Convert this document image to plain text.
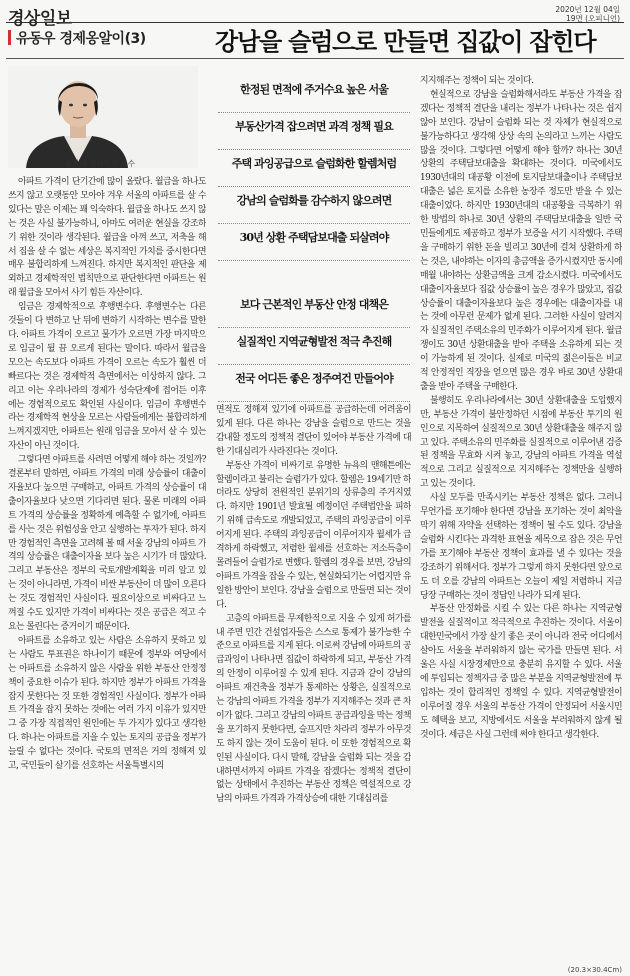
경상일보	2020년 12월 04일
19면 (오피니언)
유동우 경제옹알이(3)	강남을 슬럼으로 만들면 집값이 잡힌다
울산대 경제학과 교수

아파트 가격이 단기간에 많이 올랐다. 월급을 하나도 쓰지 않고 오랫동안 모아야 겨우 서울의 아파트를 살 수 있다는 말은 이제는 꽤 익숙하다. 월급을 하나도 쓰지 않는 것은 사실 불가능하니, 아마도 여러운 현실을 강조하기 위한 것이라 생각된다. 월급을 아껴 쓰고, 저축을 해서 집을 살 수 없는 세상은 복지적인 가치를 중시한다면 매우 불합리하게 느껴진다. 하지만 복지적인 판단을 제외하고 경제학적인 법칙만으로 판단한다면 아파트는 원래 월급을 모아서 사기 힘든 자산이다.

임금은 경제학적으로 후행변수다. 후행변수는 다른 것들이 다 변하고 난 뒤에 변하기 시작하는 변수를 말한다. 아파트 가격이 오르고 물가가 오르면 가장 마지막으로 임금이 뒬 끔 오르게 된다는 말이다. 따라서 월급을 모으는 속도보다 아파트 가격이 오르는 속도가 훨씬 더 빠르다는 것은 경제학적 측면에서는 이상하지 않다. 그리고 이는 우리나라의 경제가 성숙단계에 접어든 이후에는 경험적으로도 확인된 사실이다. 임금이 후행변수라는 경제학적 현상을 모르는 사람들에게는 불합리하게 느껴지겠지만, 아파트는 원래 임금을 모아서 살 수 있는 자산이 아닌 것이다.

그렇다면 아파트를 사려면 어떻게 해야 하는 것일까? 결론부터 말하면, 아파트 가격의 미래 상승률이 대출이자율보다 높으면 구매하고, 아파트 가격의 상승률이 대출이자율보다 낮으면 기다리면 된다. 물론 미래의 아파트 가격의 상승률을 정확하게 예측할 수 없기에, 아파트를 사는 것은 위험성을 안고 실행하는 투자가 된다. 하지만 경험적인 측면을 고려해 볼 때 서울 강남의 아파트 가격의 상승률은 대출이자율 보다 높은 시기가 더 많았다. 그리고 부동산은 정부의 국토개발계획을 미리 알고 있는 것이 아니라면, 가격이 비싼 부동산이 더 많이 오른다는 것도 경험적인 사실이다. 필요이상으로 비싸다고 느껴질 수도 있지만 가격이 비싸다는 것은 공급은 적고 수요는 몰린다는 증거이기 때문이다.

아파트를 소유하고 있는 사람은 소유하지 못하고 있는 사람도 투표권은 하나이기 때문에 정부와 여당에서는 아파트를 소유하지 않은 사람을 위한 부동산 안정정책이 중요한 이슈가 된다. 하지만 정부가 아파트 가격을 잡지 못한다는 것 또한 경험적인 사실이다. 정부가 아파트 가격을 잡지 못하는 것에는 여러 가지 이유가 있지만 그 중 가장 직접적인 원인에는 두 가지가 있다고 생각한다. 하나는 아파트를 지을 수 있는 토지의 공급을 정부가 늘릴 수 없다는 것이다. 국토의 면적은 거의 정해져 있고, 국민들이 살기를 선호하는 서울특별시의

한정된 면적에 주거수요 높은 서울
부동산가격 잡으려면 과격 정책 필요
주택 과잉공급으로 슬럼화한 할렘처럼
강남의 슬럼화를 감수하지 않으려면
30년 상환 주택담보대출 되살려야
보다 근본적인 부동산 안정 대책은
실질적인 지역균형발전 적극 추진해
전국 어디든 좋은 정주여건 만들어야

면적도 정해져 있기에 아파트를 공급하는데 어려움이 있게 된다. 다른 하나는 강남을 슬럼으로 만드는 것을 감내할 정도의 정책적 결단이 있어야 부동산 가격에 대한 기대심리가 사라진다는 것이다.

부동산 가격이 비싸기로 유명한 뉴욕의 맨해튼에는 할렘이라고 불리는 슬럼가가 있다. 할렘은 19세기만 하더라도 상당히 전원적인 분위기의 상류층의 주거지였다. 하지만 1901년 발효될 예정이던 주택법안을 피하기 위해 급속도로 개발되었고, 주택의 과잉공급이 이루어지게 된다. 주택의 과잉공급이 이루어지자 월세가 급격하게 하락했고, 저렴한 월세를 선호하는 저소득층이 몰려들어 슬럼가로 변했다. 할렘의 경우를 보면, 강남의 아파트 가격을 잡을 수 있는, 현실화되기는 어렵지만 유일한 방안이 보인다. 강남을 슬럼으로 만들면 되는 것이다.

고층의 아파트를 무제한적으로 지을 수 있게 허가를 내 주면 민간 건설업자들은 스스로 통제가 불가능한 수준으로 아파트를 지게 된다. 이로써 강남에 아파트의 공급과잉이 나타나면 집값이 하락하게 되고, 부동산 가격의 안정이 이루어질 수 있게 된다. 지금과 같이 강남의 아파트 재건축을 정부가 통제하는 상황은, 실질적으로는 강남의 아파트 가격을 정부가 지지해주는 것과 큰 차이가 없다. 그리고 강남의 아파트 공급과잉을 막는 정책을 포기하지 못한다면, 슬프지만 차라리 정부가 아무것도 하지 않는 것이 도움이 된다. 이 또한 경험적으로 확인된 사실이다. 다시 말해, 강남을 슬럼화 되는 것을 감내하면서까지 아파트 가격을 잡겠다는 정책적 결단이 없는 상태에서 추진하는 부동산 정책은 역설적으로 강남의 아파트 가격과 가격상승에 대한 기대심리를

지지해주는 정책이 되는 것이다.

현실적으로 강남을 슬럼화해서라도 부동산 가격을 잡겠다는 정책적 결단을 내리는 정부가 나타나는 것은 쉽지 않아 보인다. 강남이 슬럼화 되는 것 자체가 현실적으로 불가능하다고 생각해 상상 속의 논의라고 느끼는 사람도 많을 것이다. 그렇다면 어떻게 해야 할까? 하나는 30년 상환의 주택담보대출을 확대하는 것이다. 미국에서도 1930년대의 대공황 이전에 토지담보대출이나 주택담보대출은 넓은 토지를 소유한 농장주 정도만 받을 수 있는 대출이었다. 하지만 1930년대의 대공황을 극복하기 위한 방법의 하나로 30년 상환의 주택담보대출을 일반 국민들에게도 제공하고 정부가 보증을 서기 시작했다. 주택을 구매하기 위한 돈을 빌리고 30년에 걸쳐 상환하게 하는 것은, 내야하는 이자의 총금액을 증가시켰지만 동시에 매월 내야하는 상환금액을 크게 감소시켰다. 미국에서도 대출이자율보다 집값 상승률이 높은 경우가 많았고, 집값 상승률이 대출이자율보다 높은 경우에는 대출이자를 내는 것에 아무런 문제가 없게 된다. 그러한 사실이 알려지자 실질적인 주택소유의 민주화가 이루어지게 된다. 월급쟁이도 30년 상환대출을 받아 주택을 소유하게 되는 것이 가능하게 된 것이다. 실제로 미국의 젊은이들은 비교적 안정적인 직장을 얻으면 많은 경우 바로 30년 상환대출을 받아 주택을 구매한다.

불행히도 우리나라에서는 30년 상환대출을 도입했지만, 부동산 가격이 불안정하던 시점에 부동산 투기의 원인으로 지목하여 실질적으로 30년 상환대출을 해주지 않고 있다. 주택소유의 민주화를 실질적으로 이루어낸 검증된 정책을 무효화 시켜 놓고, 강남의 아파트 가격을 역설적으로 그리고 실질적으로 지지해주는 정책만을 실행하고 있는 것이다.

사실 모두를 만족시키는 부동산 정책은 없다. 그러니 무언가를 포기해야 한다면 강남을 포기하는 것이 최악을 막기 위해 자약을 선택하는 정책이 될 수도 있다. 강남을 슬럼화 시킨다는 과격한 표현을 제목으로 잡은 것은 무언가를 포기해야 부동산 정책이 효과를 낼 수 있다는 것을 강조하기 위해서다. 정부가 그렇게 하지 못한다면 앞으로도 더 오를 강남의 아파트는 오늘이 제일 저렴하니 지금 당장 구매하는 것이 정답인 나라가 되게 된다.

부동산 안정화를 시킬 수 있는 다른 하나는 지역균형발전을 실질적이고 적극적으로 추진하는 것이다. 서울이 대한민국에서 가장 살기 좋은 곳이 아니라 전국 어디에서 살아도 서울을 부러워하지 않는 국가를 만들면 된다. 서울은 사실 시장경제만으로 충분히 유지할 수 있다. 서울에 투입되는 정책자금 중 많은 부분을 지역균형발전에 투입하는 것이 합리적인 정책일 수 있다. 지역균형발전이 이루어질 경우 서울의 부동산 가격이 안정되어 서울시민도 혜택을 보고, 지방에서도 서울을 부러워하지 않게 될 것이다. 세금은 사실 그런데 써야 한다고 생각한다.

(20.3×30.4Cm)
